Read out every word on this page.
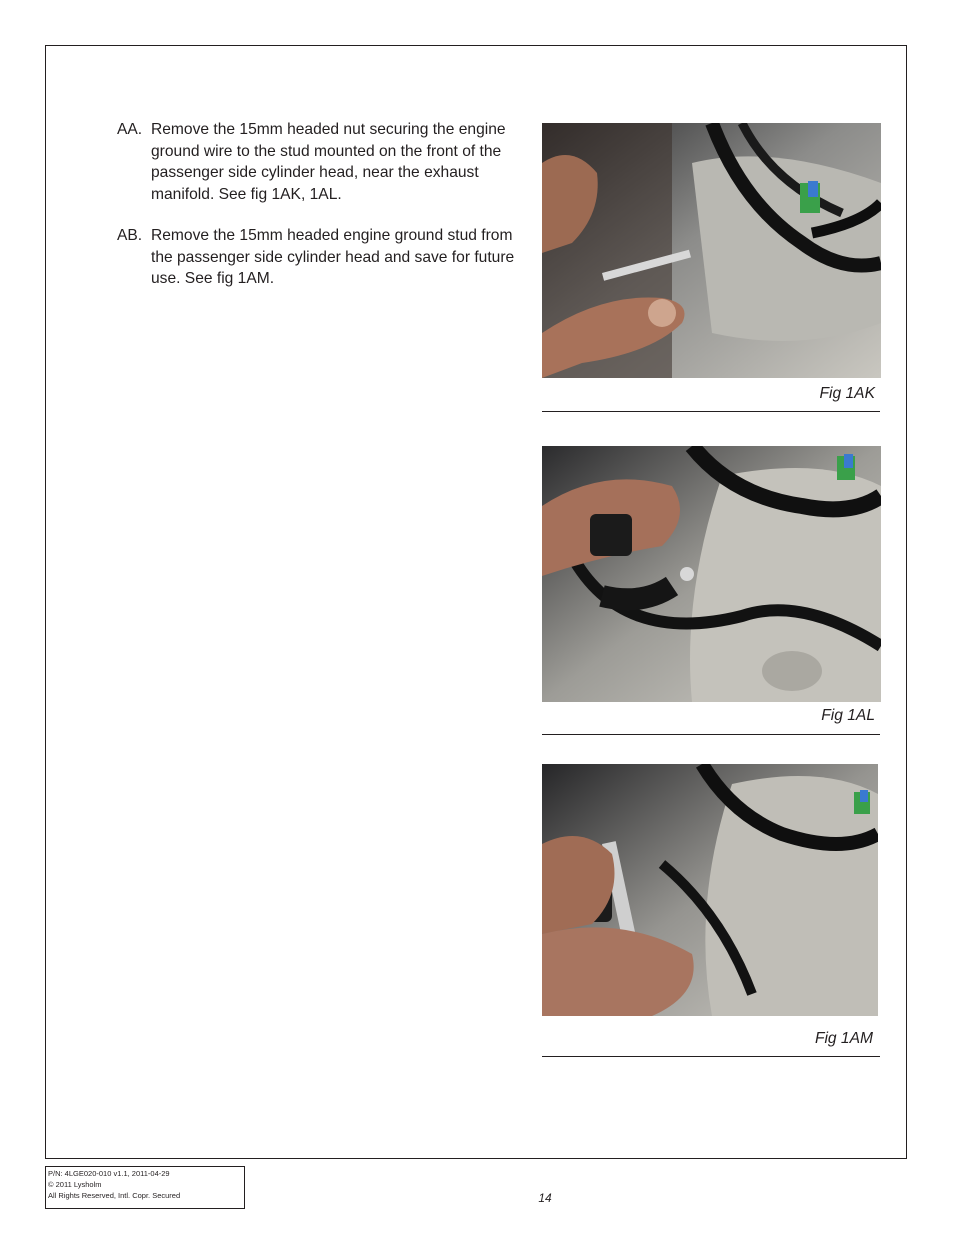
AA. Remove the 15mm headed nut securing the engine ground wire to the stud mounted on the front of the passenger side cylinder head, near the exhaust manifold. See fig 1AK, 1AL.
AB. Remove the 15mm headed engine ground stud from the passenger side cylinder head and save for future use. See fig 1AM.
Fig 1AK
Fig 1AL
Fig 1AM
P/N: 4LGE020-010 v1.1, 2011-04-29
© 2011 Lysholm
All Rights Reserved, Intl. Copr. Secured	14
